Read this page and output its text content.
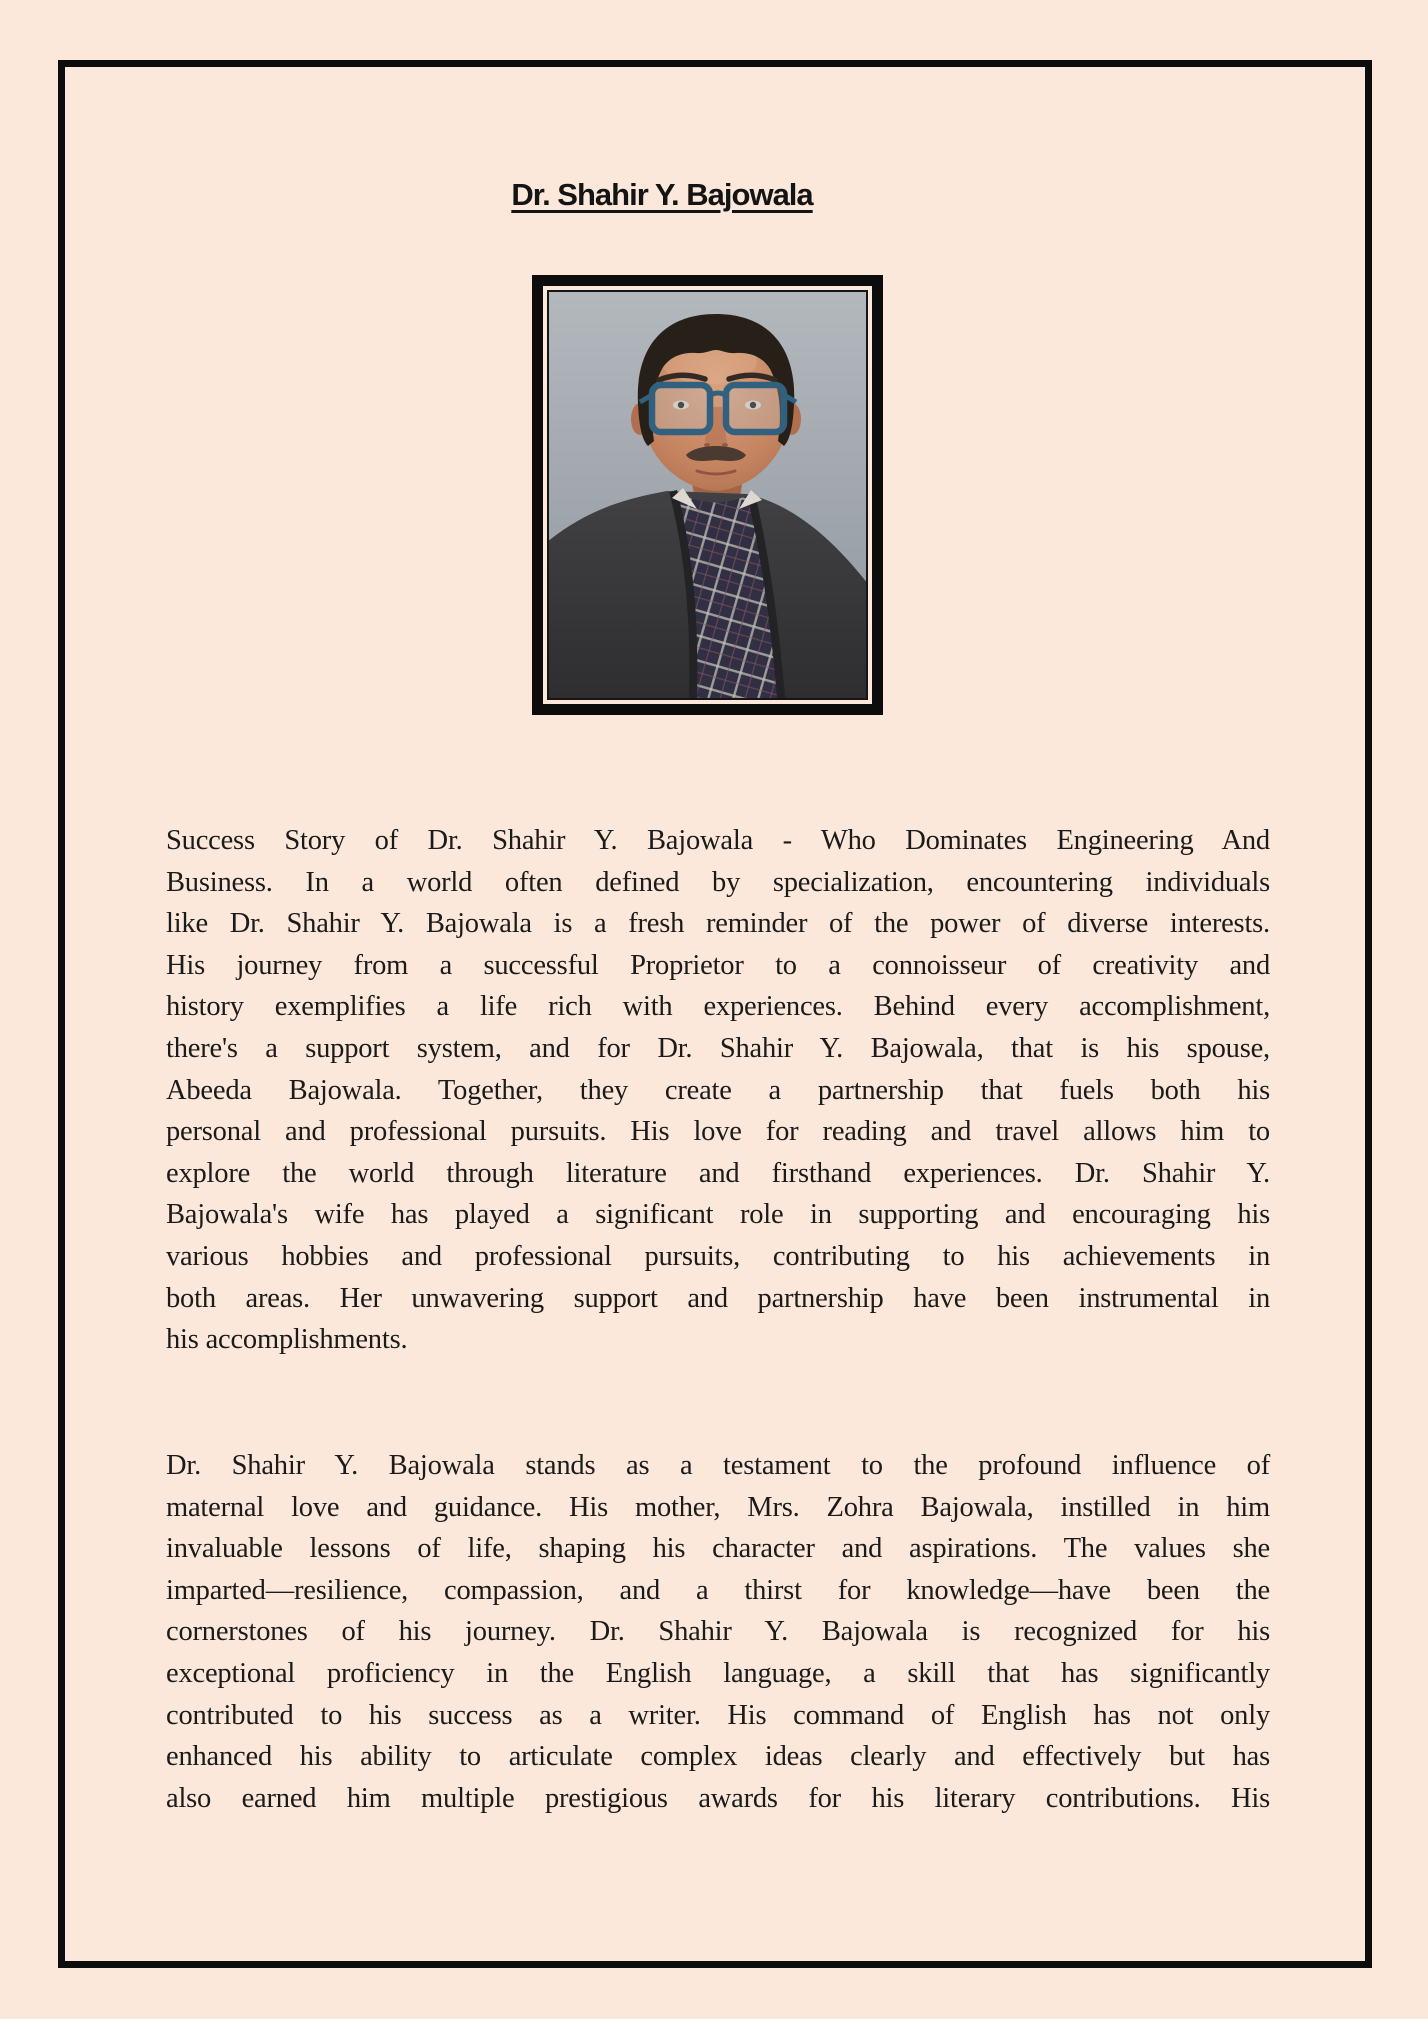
Dr. Shahir Y. Bajowala
Success Story of Dr. Shahir Y. Bajowala - Who Dominates Engineering And
Business. In a world often defined by specialization, encountering individuals
like Dr. Shahir Y. Bajowala is a fresh reminder of the power of diverse interests.
His journey from a successful Proprietor to a connoisseur of creativity and
history exemplifies a life rich with experiences. Behind every accomplishment,
there's a support system, and for Dr. Shahir Y. Bajowala, that is his spouse,
Abeeda Bajowala. Together, they create a partnership that fuels both his
personal and professional pursuits. His love for reading and travel allows him to
explore the world through literature and firsthand experiences. Dr. Shahir Y.
Bajowala's wife has played a significant role in supporting and encouraging his
various hobbies and professional pursuits, contributing to his achievements in
both areas. Her unwavering support and partnership have been instrumental in
his accomplishments.
Dr. Shahir Y. Bajowala stands as a testament to the profound influence of
maternal love and guidance. His mother, Mrs. Zohra Bajowala, instilled in him
invaluable lessons of life, shaping his character and aspirations. The values she
imparted—resilience, compassion, and a thirst for knowledge—have been the
cornerstones of his journey. Dr. Shahir Y. Bajowala is recognized for his
exceptional proficiency in the English language, a skill that has significantly
contributed to his success as a writer. His command of English has not only
enhanced his ability to articulate complex ideas clearly and effectively but has
also earned him multiple prestigious awards for his literary contributions. His
